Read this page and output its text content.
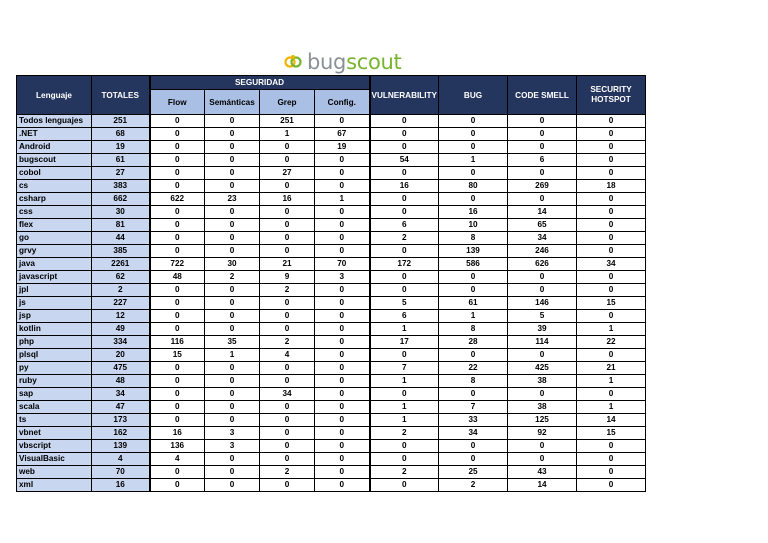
bugscout
Lenguaje	TOTALES	SEGURIDAD				VULNERABILITY	BUG	CODE SMELL	SECURITY
HOTSPOT
		Flow	Semánticas	Grep	Config.				
Todos lenguajes	251	0	0	251	0	0	0	0	0
.NET	68	0	0	1	67	0	0	0	0
Android	19	0	0	0	19	0	0	0	0
bugscout	61	0	0	0	0	54	1	6	0
cobol	27	0	0	27	0	0	0	0	0
cs	383	0	0	0	0	16	80	269	18
csharp	662	622	23	16	1	0	0	0	0
css	30	0	0	0	0	0	16	14	0
flex	81	0	0	0	0	6	10	65	0
go	44	0	0	0	0	2	8	34	0
grvy	385	0	0	0	0	0	139	246	0
java	2261	722	30	21	70	172	586	626	34
javascript	62	48	2	9	3	0	0	0	0
jpl	2	0	0	2	0	0	0	0	0
js	227	0	0	0	0	5	61	146	15
jsp	12	0	0	0	0	6	1	5	0
kotlin	49	0	0	0	0	1	8	39	1
php	334	116	35	2	0	17	28	114	22
plsql	20	15	1	4	0	0	0	0	0
py	475	0	0	0	0	7	22	425	21
ruby	48	0	0	0	0	1	8	38	1
sap	34	0	0	34	0	0	0	0	0
scala	47	0	0	0	0	1	7	38	1
ts	173	0	0	0	0	1	33	125	14
vbnet	162	16	3	0	0	2	34	92	15
vbscript	139	136	3	0	0	0	0	0	0
VisualBasic	4	4	0	0	0	0	0	0	0
web	70	0	0	2	0	2	25	43	0
xml	16	0	0	0	0	0	2	14	0
